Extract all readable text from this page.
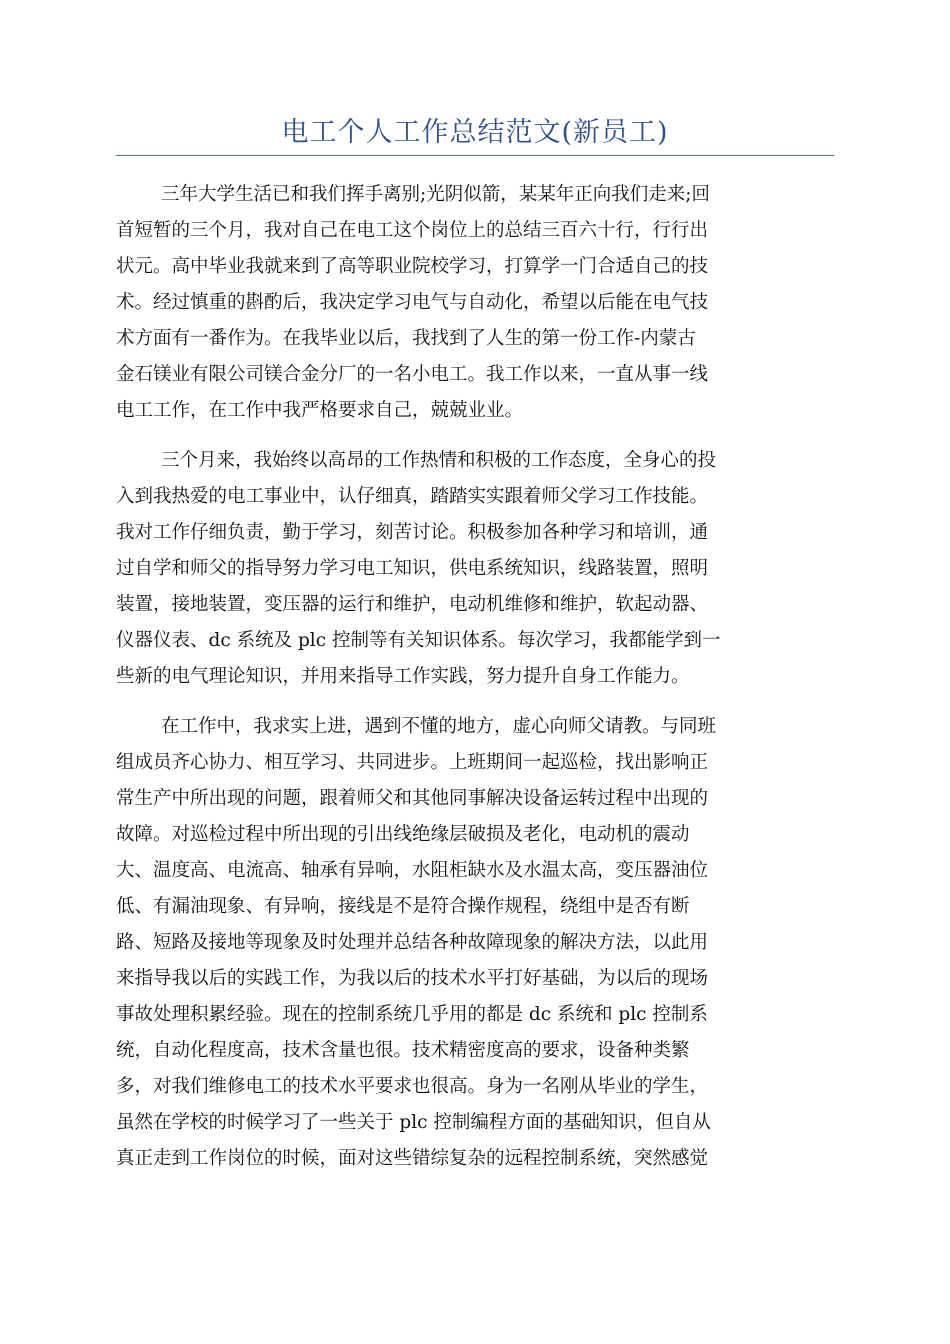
电工个人工作总结范文(新员工)

三年大学生活已和我们挥手离别;光阴似箭，某某年正向我们走来;回
首短暂的三个月，我对自己在电工这个岗位上的总结三百六十行，行行出
状元。高中毕业我就来到了高等职业院校学习，打算学一门合适自己的技
术。经过慎重的斟酌后，我决定学习电气与自动化，希望以后能在电气技
术方面有一番作为。在我毕业以后，我找到了人生的第一份工作-内蒙古
金石镁业有限公司镁合金分厂的一名小电工。我工作以来，一直从事一线
电工工作，在工作中我严格要求自己，兢兢业业。

三个月来，我始终以高昂的工作热情和积极的工作态度，全身心的投
入到我热爱的电工事业中，认仔细真，踏踏实实跟着师父学习工作技能。
我对工作仔细负责，勤于学习，刻苦讨论。积极参加各种学习和培训，通
过自学和师父的指导努力学习电工知识，供电系统知识，线路装置，照明
装置，接地装置，变压器的运行和维护，电动机维修和维护，软起动器、
仪器仪表、dc 系统及 plc 控制等有关知识体系。每次学习，我都能学到一
些新的电气理论知识，并用来指导工作实践，努力提升自身工作能力。

在工作中，我求实上进，遇到不懂的地方，虚心向师父请教。与同班
组成员齐心协力、相互学习、共同进步。上班期间一起巡检，找出影响正
常生产中所出现的问题，跟着师父和其他同事解决设备运转过程中出现的
故障。对巡检过程中所出现的引出线绝缘层破损及老化，电动机的震动
大、温度高、电流高、轴承有异响，水阻柜缺水及水温太高，变压器油位
低、有漏油现象、有异响，接线是不是符合操作规程，绕组中是否有断
路、短路及接地等现象及时处理并总结各种故障现象的解决方法，以此用
来指导我以后的实践工作，为我以后的技术水平打好基础，为以后的现场
事故处理积累经验。现在的控制系统几乎用的都是 dc 系统和 plc 控制系
统，自动化程度高，技术含量也很。技术精密度高的要求，设备种类繁
多，对我们维修电工的技术水平要求也很高。身为一名刚从毕业的学生，
虽然在学校的时候学习了一些关于 plc 控制编程方面的基础知识，但自从
真正走到工作岗位的时候，面对这些错综复杂的远程控制系统，突然感觉
